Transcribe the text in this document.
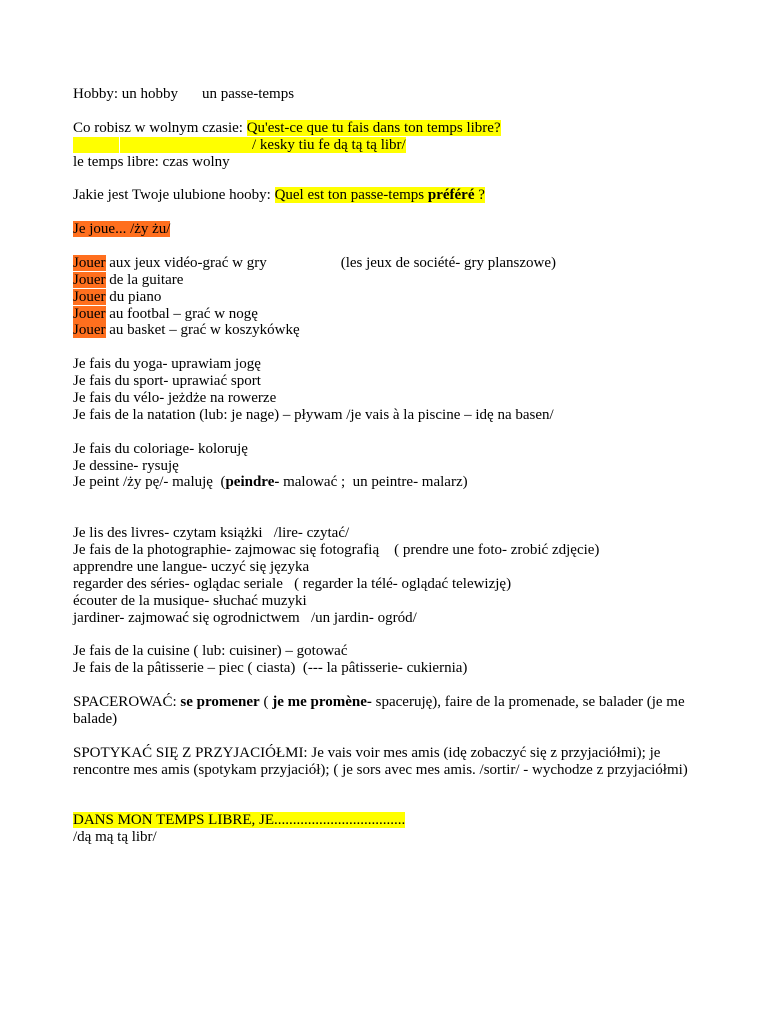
Hobby: un hobby un passe-temps
Co robisz w wolnym czasie: Qu'est-ce que tu fais dans ton temps libre?
/ kesky tiu fe dą tą tą libr/
le temps libre: czas wolny
Jakie jest Twoje ulubione hooby: Quel est ton passe-temps préféré ?
Je joue... /ży żu/
Jouer aux jeux vidéo-grać w gry	(les jeux de société- gry planszowe)
Jouer de la guitare
Jouer du piano
Jouer au footbal – grać w nogę
Jouer au basket – grać w koszykówkę
Je fais du yoga- uprawiam jogę
Je fais du sport- uprawiać sport
Je fais du vélo- jeżdże na rowerze
Je fais de la natation (lub: je nage) – pływam /je vais à la piscine – idę na basen/
Je fais du coloriage- koloruję
Je dessine- rysuję
Je peint /ży pę/- maluję  (peindre- malować ;  un peintre- malarz)
Je lis des livres- czytam książki   /lire- czytać/
Je fais de la photographie- zajmowac się fotografią    ( prendre une foto- zrobić zdjęcie)
apprendre une langue- uczyć się języka
regarder des séries- oglądac seriale   ( regarder la télé- oglądać telewizję)
écouter de la musique- słuchać muzyki
jardiner- zajmować się ogrodnictwem   /un jardin- ogród/
Je fais de la cuisine ( lub: cuisiner) – gotować
Je fais de la pâtisserie – piec ( ciasta)  (--- la pâtisserie- cukiernia)
SPACEROWAĆ: se promener ( je me promène- spaceruję), faire de la promenade, se balader (je me balade)
SPOTYKAĆ SIĘ Z PRZYJACIÓŁMI: Je vais voir mes amis (idę zobaczyć się z przyjaciółmi); je rencontre mes amis (spotykam przyjaciół); ( je sors avec mes amis. /sortir/ - wychodze z przyjaciółmi)
DANS MON TEMPS LIBRE, JE...................................
/dą mą tą libr/
